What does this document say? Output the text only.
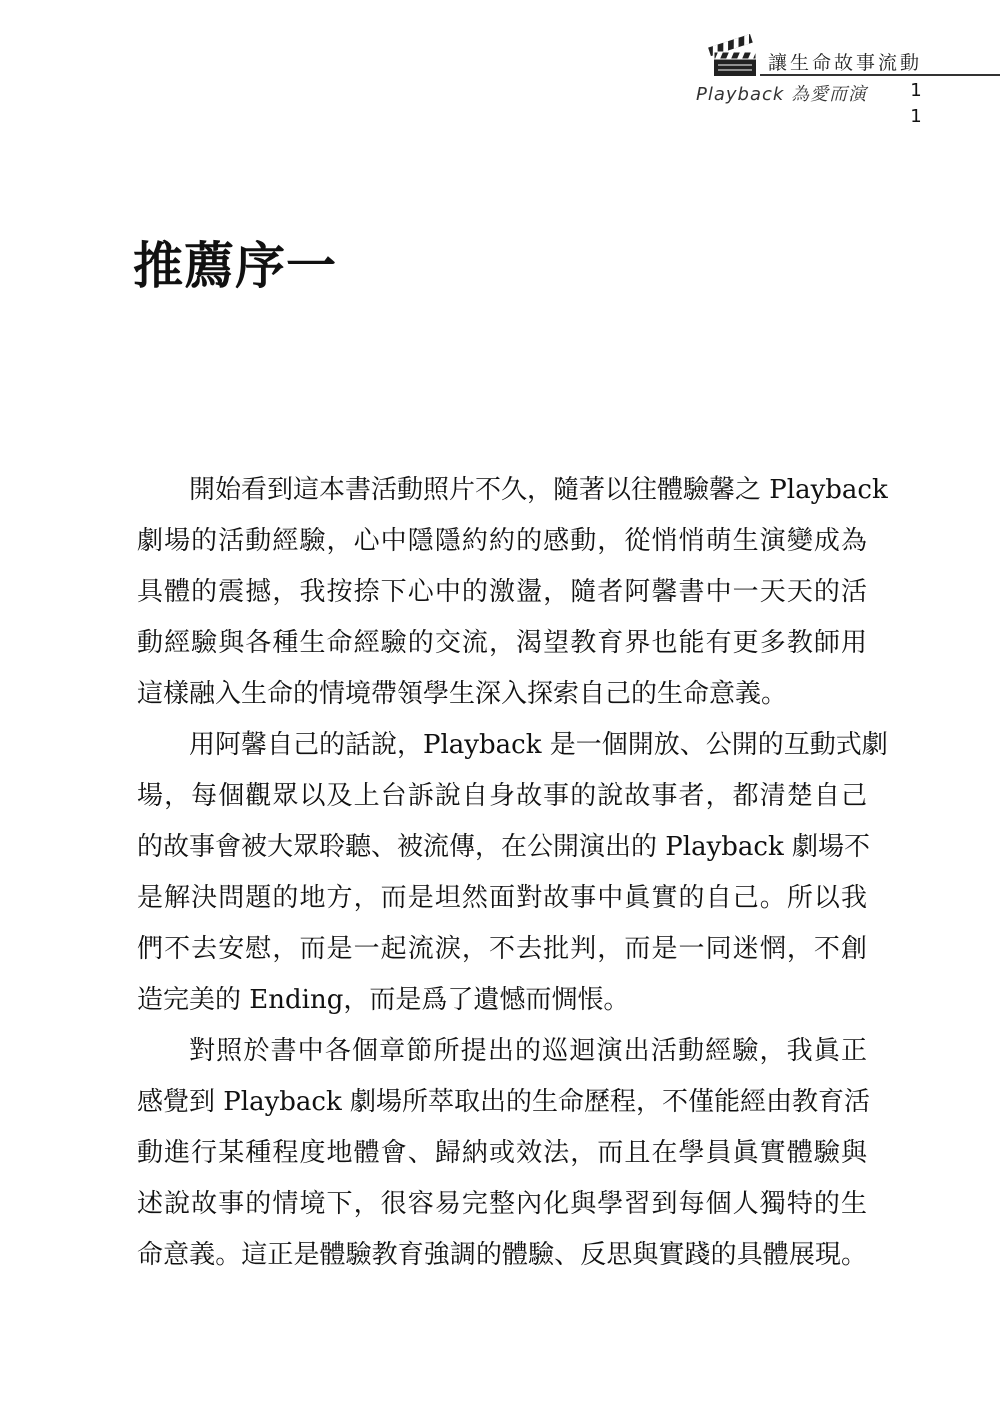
讓生命故事流動
Playback 為愛而演 1
1
推薦序一
開始看到這本書活動照片不久，隨著以往體驗馨之 Playback
劇場的活動經驗，心中隱隱約約的感動，從悄悄萌生演變成為
具體的震撼，我按捺下心中的激盪，隨者阿馨書中一天天的活
動經驗與各種生命經驗的交流，渴望教育界也能有更多教師用
這樣融入生命的情境帶領學生深入探索自己的生命意義。
用阿馨自己的話說，Playback 是一個開放、公開的互動式劇
場，每個觀眾以及上台訴說自身故事的說故事者，都清楚自己
的故事會被大眾聆聽、被流傳，在公開演出的 Playback 劇場不
是解決問題的地方，而是坦然面對故事中眞實的自己。所以我
們不去安慰，而是一起流淚，不去批判，而是一同迷惘，不創
造完美的 Ending，而是爲了遺憾而惆悵。
對照於書中各個章節所提出的巡迴演出活動經驗，我眞正
感覺到 Playback 劇場所萃取出的生命歷程，不僅能經由教育活
動進行某種程度地體會、歸納或效法，而且在學員眞實體驗與
述說故事的情境下，很容易完整內化與學習到每個人獨特的生
命意義。這正是體驗教育強調的體驗、反思與實踐的具體展現。
